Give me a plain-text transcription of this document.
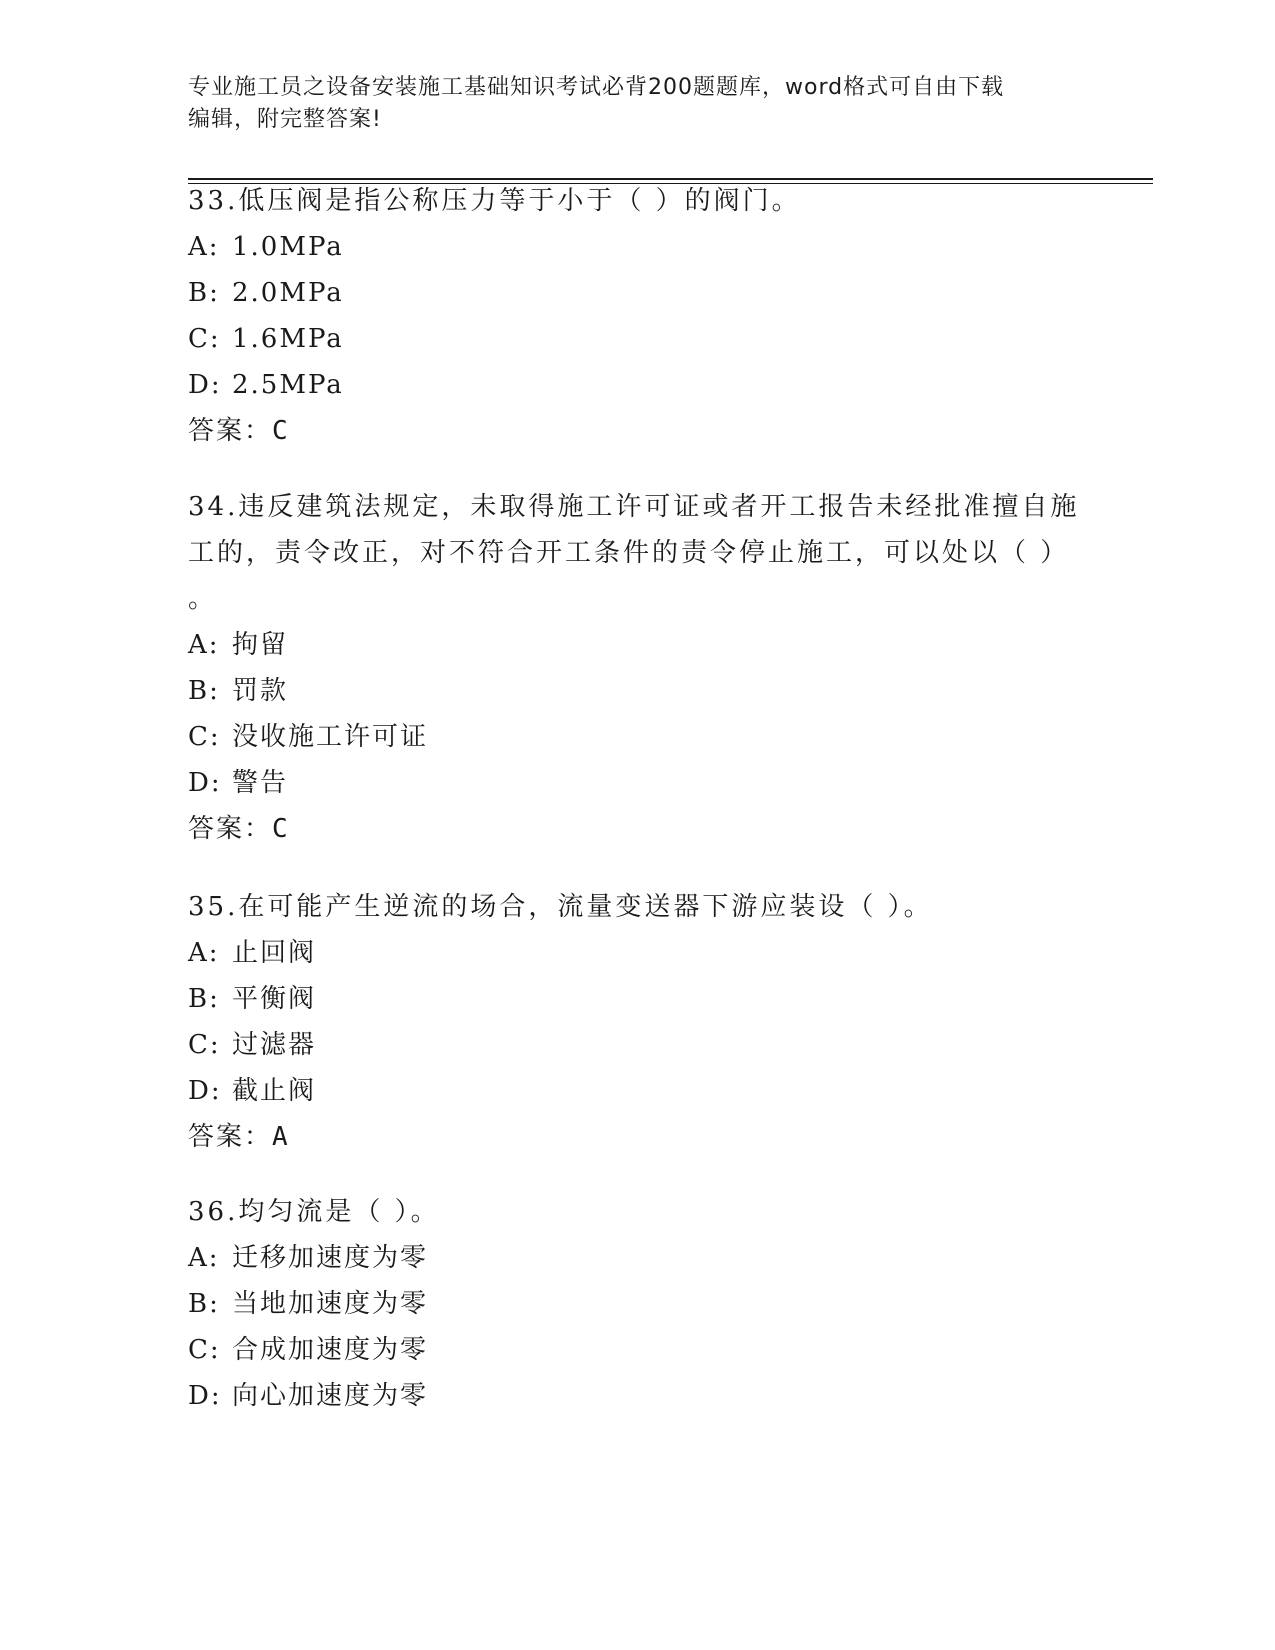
专业施工员之设备安装施工基础知识考试必背200题题库，word格式可自由下载
编辑，附完整答案!
33.低压阀是指公称压力等于小于（ ）的阀门。
A: 1.0MPa
B: 2.0MPa
C: 1.6MPa
D: 2.5MPa
答案：C
34.违反建筑法规定，未取得施工许可证或者开工报告未经批准擅自施
工的，责令改正，对不符合开工条件的责令停止施工，可以处以（ ）
。
A: 拘留
B: 罚款
C: 没收施工许可证
D: 警告
答案：C
35.在可能产生逆流的场合，流量变送器下游应装设（ ）。
A: 止回阀
B: 平衡阀
C: 过滤器
D: 截止阀
答案：A
36.均匀流是（ ）。
A: 迁移加速度为零
B: 当地加速度为零
C: 合成加速度为零
D: 向心加速度为零
